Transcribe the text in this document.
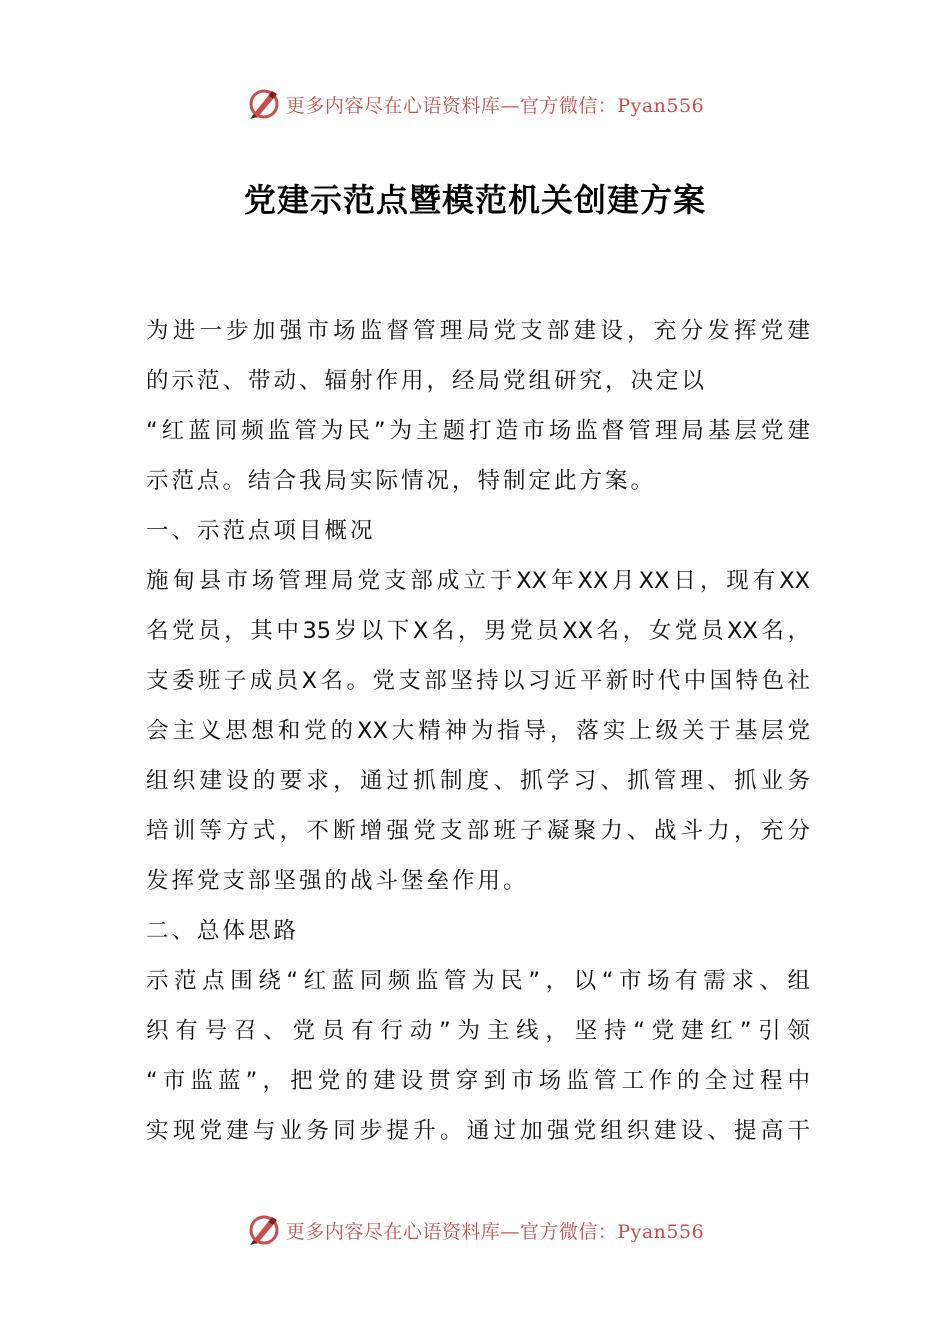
更多内容尽在心语资料库—官方微信：Pyan556
党建示范点暨模范机关创建方案
为进一步加强市场监督管理局党支部建设，充分发挥党建
的示范、带动、辐射作用，经局党组研究，决定以
“红蓝同频监管为民”为主题打造市场监督管理局基层党建
示范点。结合我局实际情况，特制定此方案。
一、示范点项目概况
施甸县市场管理局党支部成立于XX年XX月XX日，现有XX
名党员，其中35岁以下X名，男党员XX名，女党员XX名，
支委班子成员X名。党支部坚持以习近平新时代中国特色社
会主义思想和党的XX大精神为指导，落实上级关于基层党
组织建设的要求，通过抓制度、抓学习、抓管理、抓业务
培训等方式，不断增强党支部班子凝聚力、战斗力，充分
发挥党支部坚强的战斗堡垒作用。
二、总体思路
示范点围绕“红蓝同频监管为民”，以“市场有需求、组
织有号召、党员有行动”为主线，坚持“党建红”引领
“市监蓝”，把党的建设贯穿到市场监管工作的全过程中
实现党建与业务同步提升。通过加强党组织建设、提高干
更多内容尽在心语资料库—官方微信：Pyan556
